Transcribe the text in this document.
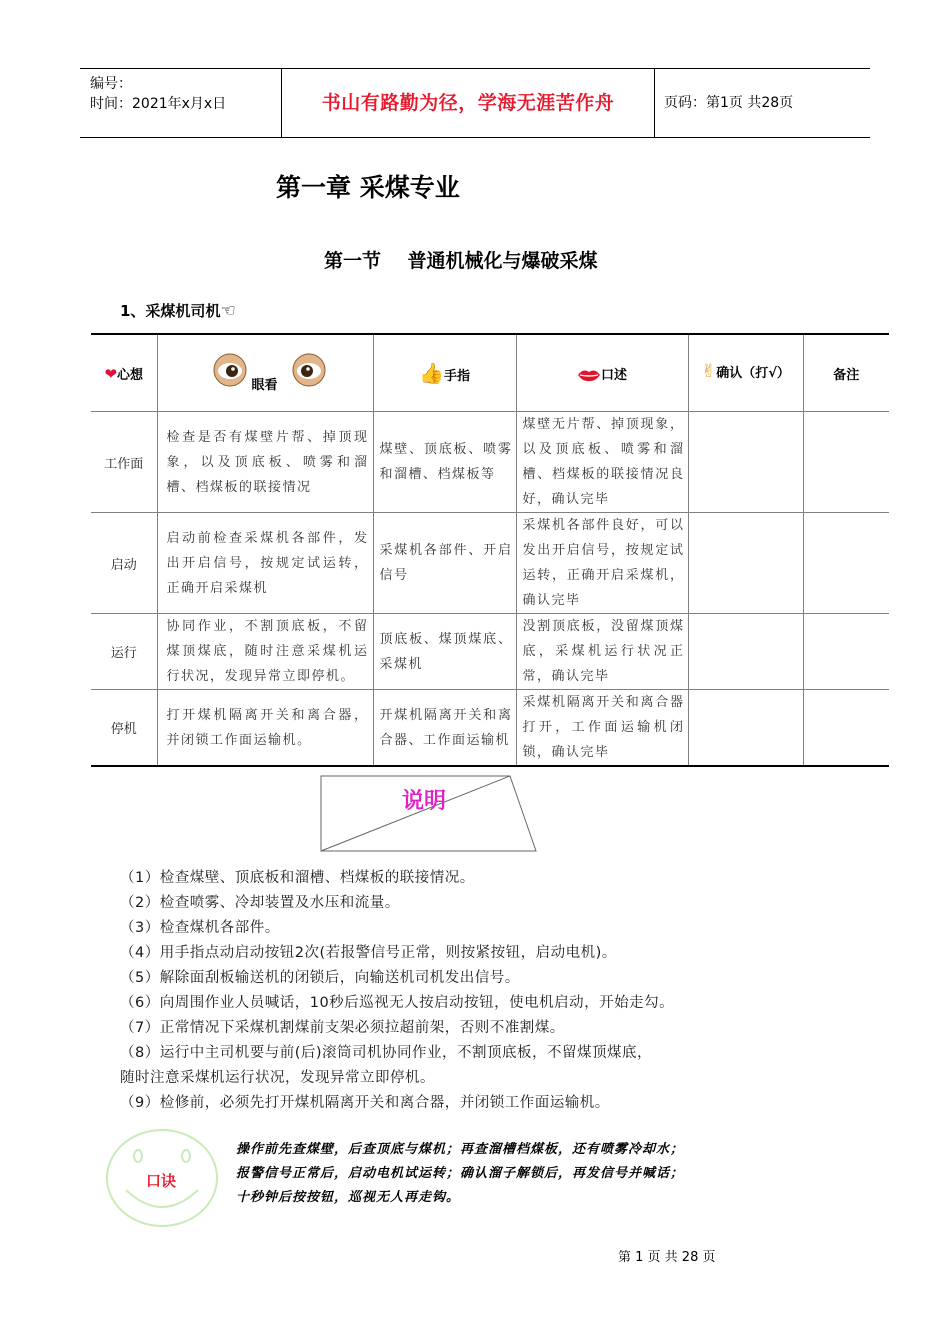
编号：
时间：2021年x月x日	书山有路勤为径，学海无涯苦作舟	页码：第1页 共28页
第一章 采煤专业
第一节    普通机械化与爆破采煤
1、采煤机司机☜
❤心想	眼看	👍手指	口述	✌确认（打√）	备注
工作面	检查是否有煤壁片帮、掉顶现象，以及顶底板、喷雾和溜槽、档煤板的联接情况	煤壁、顶底板、喷雾和溜槽、档煤板等	煤壁无片帮、掉顶现象，以及顶底板、喷雾和溜槽、档煤板的联接情况良好，确认完毕		
启动	启动前检查采煤机各部件，发出开启信号，按规定试运转，正确开启采煤机	采煤机各部件、开启信号	采煤机各部件良好，可以发出开启信号，按规定试运转，正确开启采煤机，确认完毕		
运行	协同作业，不割顶底板，不留煤顶煤底，随时注意采煤机运行状况，发现异常立即停机。	顶底板、煤顶煤底、采煤机	没割顶底板，没留煤顶煤底，采煤机运行状况正常，确认完毕		
停机	打开煤机隔离开关和离合器，并闭锁工作面运输机。	开煤机隔离开关和离合器、工作面运输机	采煤机隔离开关和离合器打开，工作面运输机闭锁，确认完毕		
说明
（1）检查煤壁、顶底板和溜槽、档煤板的联接情况。
（2）检查喷雾、冷却装置及水压和流量。
（3）检查煤机各部件。
（4）用手指点动启动按钮2次(若报警信号正常，则按紧按钮，启动电机)。
（5）解除面刮板输送机的闭锁后，向输送机司机发出信号。
（6）向周围作业人员喊话，10秒后巡视无人按启动按钮，使电机启动，开始走勾。
（7）正常情况下采煤机割煤前支架必须拉超前架，否则不准割煤。
（8）运行中主司机要与前(后)滚筒司机协同作业，不割顶底板，不留煤顶煤底，
随时注意采煤机运行状况，发现异常立即停机。
（9）检修前，必须先打开煤机隔离开关和离合器，并闭锁工作面运输机。
口诀
操作前先查煤壁，后查顶底与煤机；再查溜槽档煤板，还有喷雾冷却水；
报警信号正常后，启动电机试运转；确认溜子解锁后，再发信号并喊话；
十秒钟后按按钮，巡视无人再走钩。
第 1 页 共 28 页
